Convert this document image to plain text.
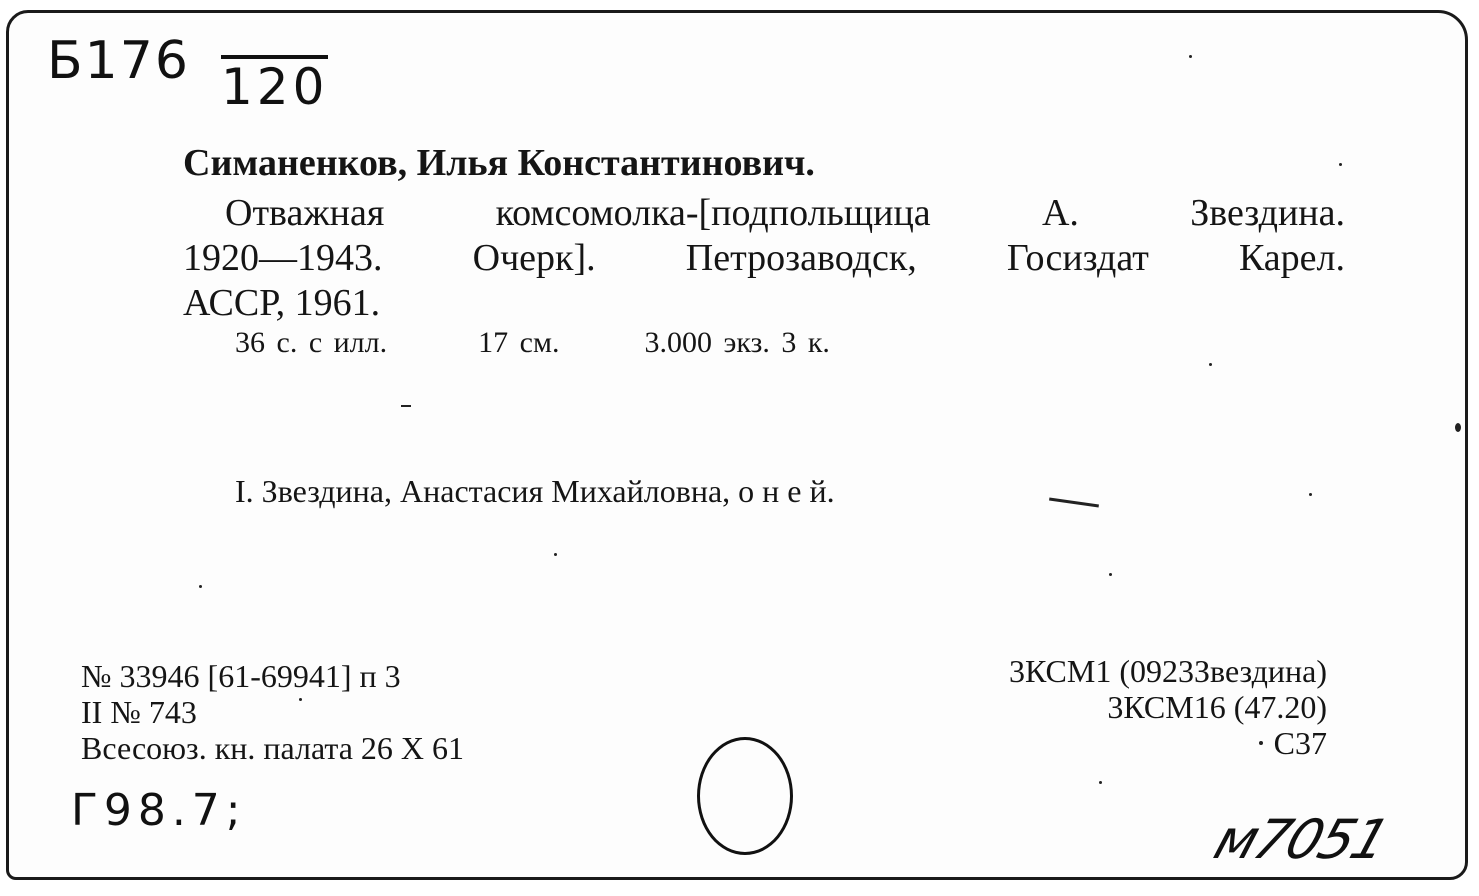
Б176 120
Симаненков, Илья Константинович.
Отважная комсомолка-[подпольщица А. Звездина.
1920—1943. Очерк]. Петрозаводск, Госиздат Карел.
АССР, 1961.
36 с. с илл.	17 см.	3.000 экз. 3 к.
I. Звездина, Анастасия Михайловна, о н е й.
№ 33946 [61-69941] п 3
II № 743
Всесоюз. кн. палата 26 X 61
3КСМ1 (0923Звездина)
3КСМ16 (47.20)
С37
Г98.7;	м7051
